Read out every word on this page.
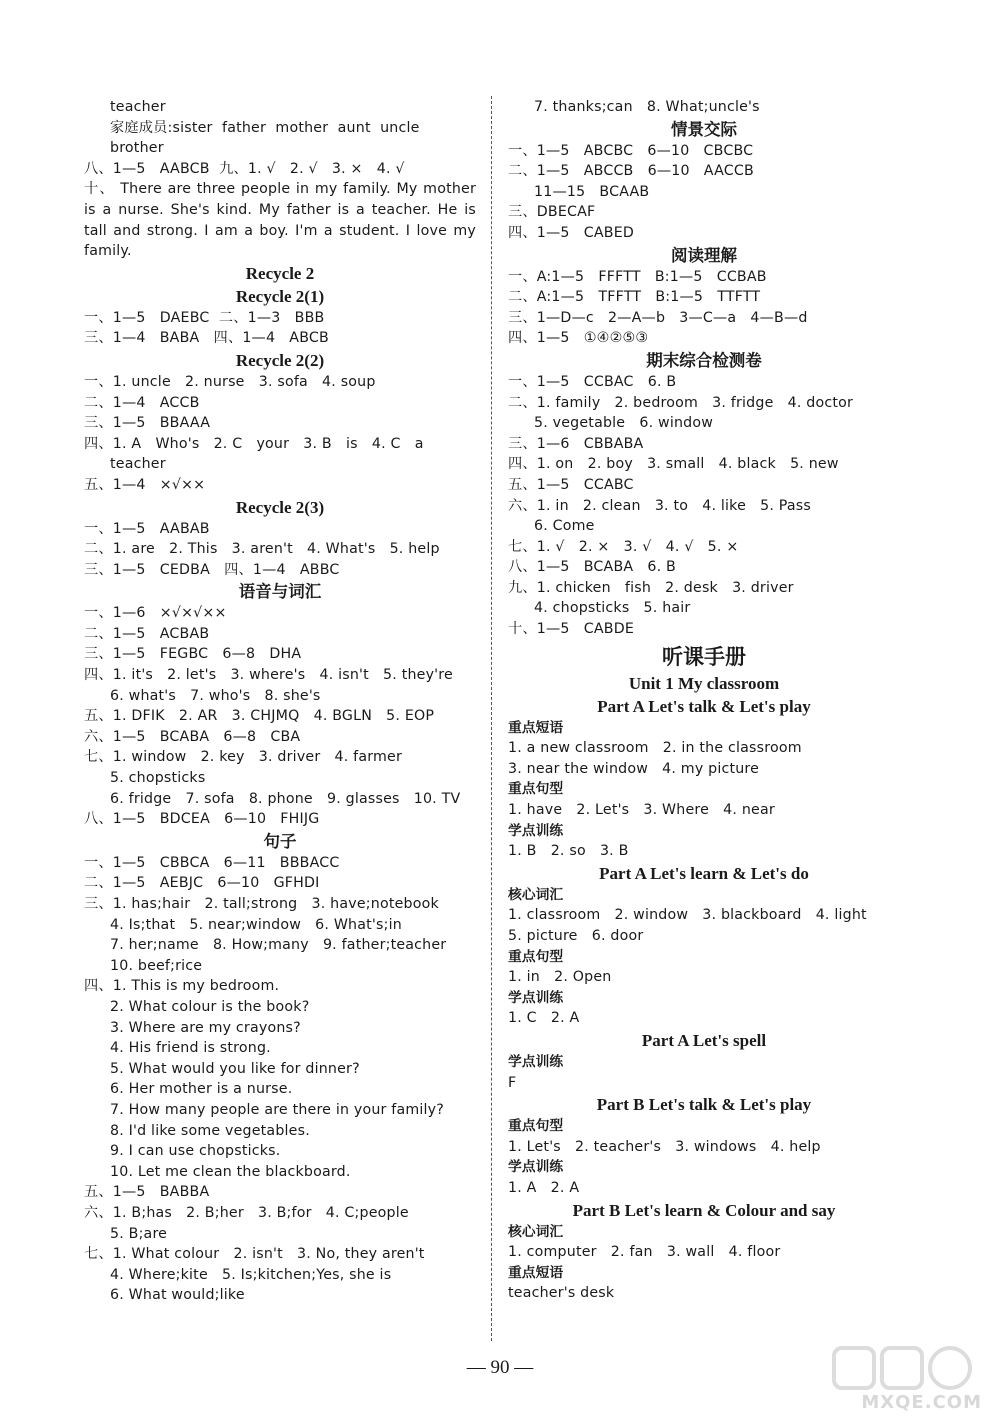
teacher
家庭成员:sister  father  mother  aunt  uncle
brother
八、1—5   AABCB  九、1. √   2. √   3. ×   4. √
十、 There are three people in my family. My mother is a nurse. She's kind. My father is a teacher. He is tall and strong. I am a boy. I'm a student. I love my family.
Recycle 2
Recycle 2(1)
一、1—5   DAEBC  二、1—3   BBB
三、1—4   BABA   四、1—4   ABCB
Recycle 2(2)
一、1. uncle   2. nurse   3. sofa   4. soup
二、1—4   ACCB
三、1—5   BBAAA
四、1. A   Who's   2. C   your   3. B   is   4. C   a
teacher
五、1—4   ×√××
Recycle 2(3)
一、1—5   AABAB
二、1. are   2. This   3. aren't   4. What's   5. help
三、1—5   CEDBA   四、1—4   ABBC
语音与词汇
一、1—6   ×√×√××
二、1—5   ACBAB
三、1—5   FEGBC   6—8   DHA
四、1. it's   2. let's   3. where's   4. isn't   5. they're
6. what's   7. who's   8. she's
五、1. DFIK   2. AR   3. CHJMQ   4. BGLN   5. EOP
六、1—5   BCABA   6—8   CBA
七、1. window   2. key   3. driver   4. farmer
5. chopsticks
6. fridge   7. sofa   8. phone   9. glasses   10. TV
八、1—5   BDCEA   6—10   FHIJG
句子
一、1—5   CBBCA   6—11   BBBACC
二、1—5   AEBJC   6—10   GFHDI
三、1. has;hair   2. tall;strong   3. have;notebook
4. Is;that   5. near;window   6. What's;in
7. her;name   8. How;many   9. father;teacher
10. beef;rice
四、1. This is my bedroom.
2. What colour is the book?
3. Where are my crayons?
4. His friend is strong.
5. What would you like for dinner?
6. Her mother is a nurse.
7. How many people are there in your family?
8. I'd like some vegetables.
9. I can use chopsticks.
10. Let me clean the blackboard.
五、1—5   BABBA
六、1. B;has   2. B;her   3. B;for   4. C;people
5. B;are
七、1. What colour   2. isn't   3. No, they aren't
4. Where;kite   5. Is;kitchen;Yes, she is
6. What would;like
7. thanks;can   8. What;uncle's
情景交际
一、1—5   ABCBC   6—10   CBCBC
二、1—5   ABCCB   6—10   AACCB
11—15   BCAAB
三、DBECAF
四、1—5   CABED
阅读理解
一、A:1—5   FFFTT   B:1—5   CCBAB
二、A:1—5   TFFTT   B:1—5   TTFTT
三、1—D—c   2—A—b   3—C—a   4—B—d
四、1—5   ①④②⑤③
期末综合检测卷
一、1—5   CCBAC   6. B
二、1. family   2. bedroom   3. fridge   4. doctor
5. vegetable   6. window
三、1—6   CBBABA
四、1. on   2. boy   3. small   4. black   5. new
五、1—5   CCABC
六、1. in   2. clean   3. to   4. like   5. Pass
6. Come
七、1. √   2. ×   3. √   4. √   5. ×
八、1—5   BCABA   6. B
九、1. chicken   fish   2. desk   3. driver
4. chopsticks   5. hair
十、1—5   CABDE
听课手册
Unit 1 My classroom
Part A Let's talk & Let's play
重点短语
1. a new classroom   2. in the classroom
3. near the window   4. my picture
重点句型
1. have   2. Let's   3. Where   4. near
学点训练
1. B   2. so   3. B
Part A Let's learn & Let's do
核心词汇
1. classroom   2. window   3. blackboard   4. light
5. picture   6. door
重点句型
1. in   2. Open
学点训练
1. C   2. A
Part A Let's spell
学点训练
F
Part B Let's talk & Let's play
重点句型
1. Let's   2. teacher's   3. windows   4. help
学点训练
1. A   2. A
Part B Let's learn & Colour and say
核心词汇
1. computer   2. fan   3. wall   4. floor
重点短语
teacher's desk
— 90 —
MXQE.COM
